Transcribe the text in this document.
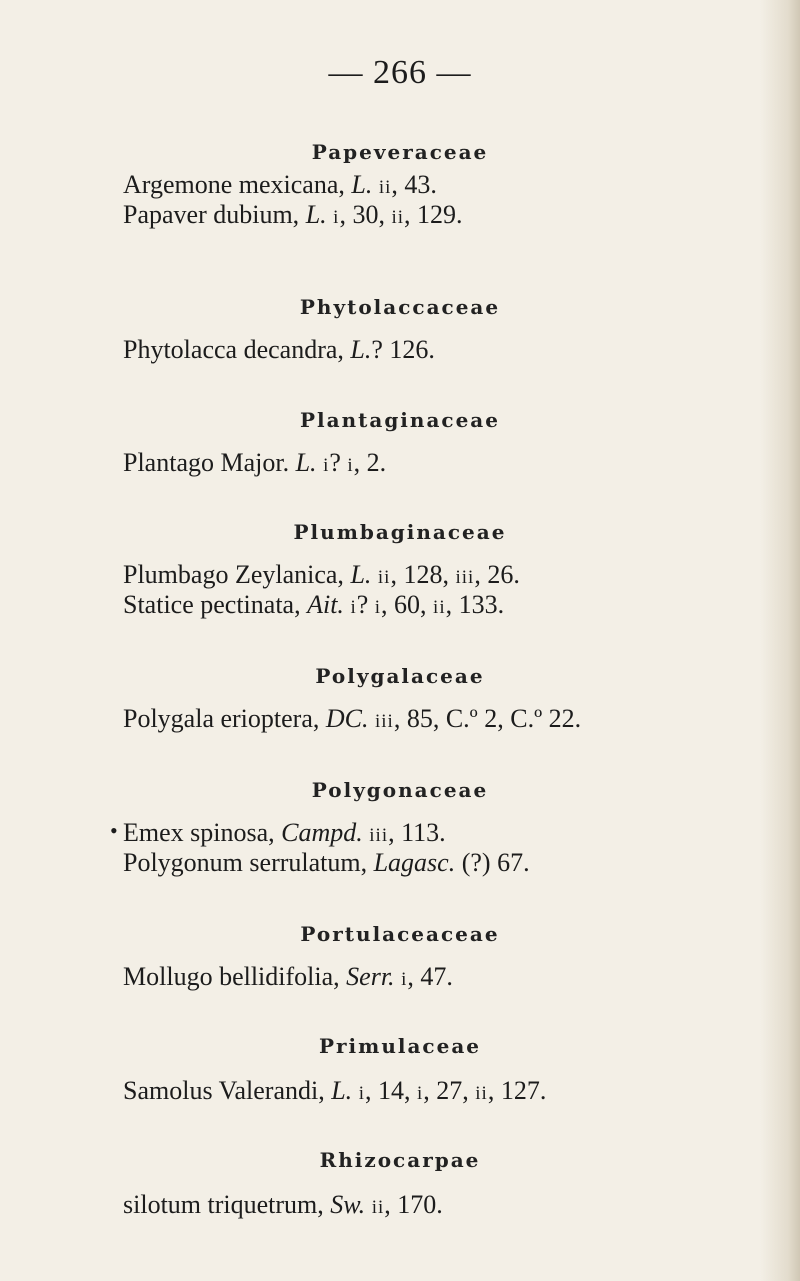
— 266 —
Papeveraceae
Argemone mexicana, L. ii, 43.
Papaver dubium, L. i, 30, ii, 129.
Phytolaccaceae
Phytolacca decandra, L.? 126.
Plantaginaceae
Plantago Major. L. i? i, 2.
Plumbaginaceae
Plumbago Zeylanica, L. ii, 128, iii, 26.
Statice pectinata, Ait. i? i, 60, ii, 133.
Polygalaceae
Polygala erioptera, DC. iii, 85, C.º 2, C.º 22.
Polygonaceae
• Emex spinosa, Campd. iii, 113.
Polygonum serrulatum, Lagasc. (?) 67.
Portulaceaceae
Mollugo bellidifolia, Serr. i, 47.
Primulaceae
Samolus Valerandi, L. i, 14, i, 27, ii, 127.
Rhizocarpae
silotum triquetrum, Sw. ii, 170.
